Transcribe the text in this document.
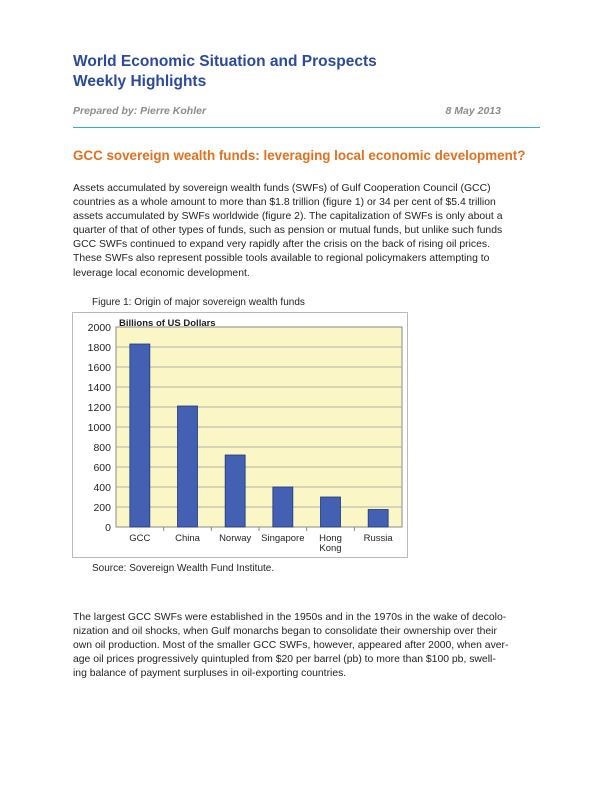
World Economic Situation and Prospects
Weekly Highlights
Prepared by: Pierre Kohler	8 May 2013
GCC sovereign wealth funds: leveraging local economic development?
Assets accumulated by sovereign wealth funds (SWFs) of Gulf Cooperation Council (GCC)
countries as a whole amount to more than $1.8 trillion (figure 1) or 34 per cent of $5.4 trillion
assets accumulated by SWFs worldwide (figure 2). The capitalization of SWFs is only about a
quarter of that of other types of funds, such as pension or mutual funds, but unlike such funds
GCC SWFs continued to expand very rapidly after the crisis on the back of rising oil prices.
These SWFs also represent possible tools available to regional policymakers attempting to
leverage local economic development.
Figure 1: Origin of major sovereign wealth funds
0
200
400
600
800
1000
1200
1400
1600
1800
2000 Billions of US Dollars
GCC	China Norway Singapore Hong
Kong
Russia
Source: Sovereign Wealth Fund Institute.
The largest GCC SWFs were established in the 1950s and in the 1970s in the wake of decolo-
nization and oil shocks, when Gulf monarchs began to consolidate their ownership over their
own oil production. Most of the smaller GCC SWFs, however, appeared after 2000, when aver-
age oil prices progressively quintupled from $20 per barrel (pb) to more than $100 pb, swell-
ing balance of payment surpluses in oil-exporting countries.
